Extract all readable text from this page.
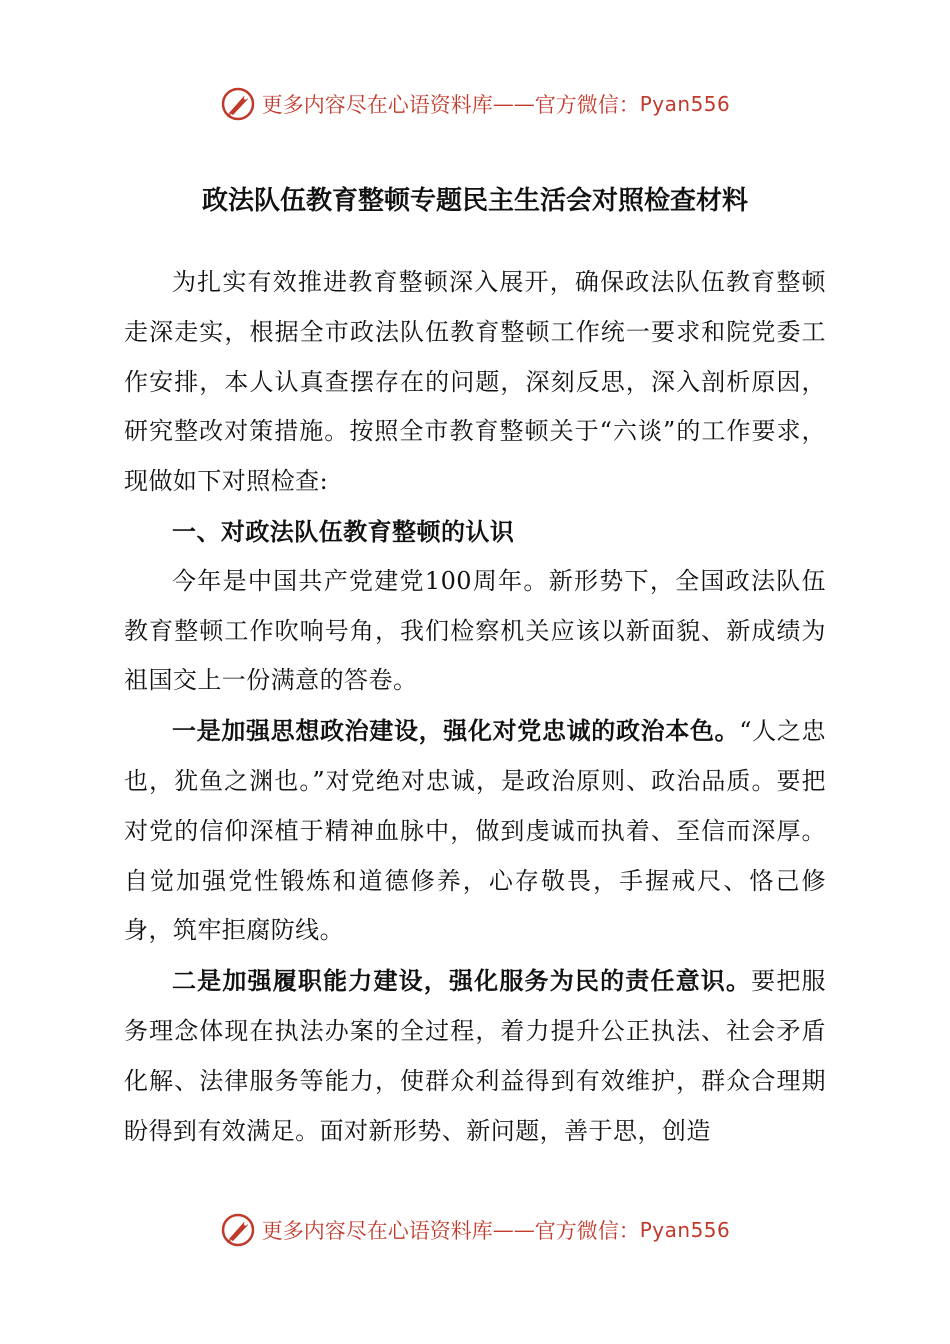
更多内容尽在心语资料库 —— 官方微信： Pyan556
政法队伍教育整顿专题民主生活会对照检查材料

为扎实有效推进教育整顿深入展开，确保政法队伍教育整顿走深走实，根据全市政法队伍教育整顿工作统一要求和院党委工作安排，本人认真查摆存在的问题，深刻反思，深入剖析原因，研究整改对策措施。按照全市教育整顿关于“六谈”的工作要求，现做如下对照检查:

一、对政法队伍教育整顿的认识

今年是中国共产党建党100周年。新形势下，全国政法队伍教育整顿工作吹响号角，我们检察机关应该以新面貌、新成绩为祖国交上一份满意的答卷。

一是加强思想政治建设，强化对党忠诚的政治本色。“人之忠也，犹鱼之渊也。”对党绝对忠诚，是政治原则、政治品质。要把对党的信仰深植于精神血脉中，做到虔诚而执着、至信而深厚。自觉加强党性锻炼和道德修养，心存敬畏，手握戒尺、恪己修身，筑牢拒腐防线。

二是加强履职能力建设，强化服务为民的责任意识。要把服务理念体现在执法办案的全过程，着力提升公正执法、社会矛盾化解、法律服务等能力，使群众利益得到有效维护，群众合理期盼得到有效满足。面对新形势、新问题，善于思，创造

更多内容尽在心语资料库 —— 官方微信： Pyan556
